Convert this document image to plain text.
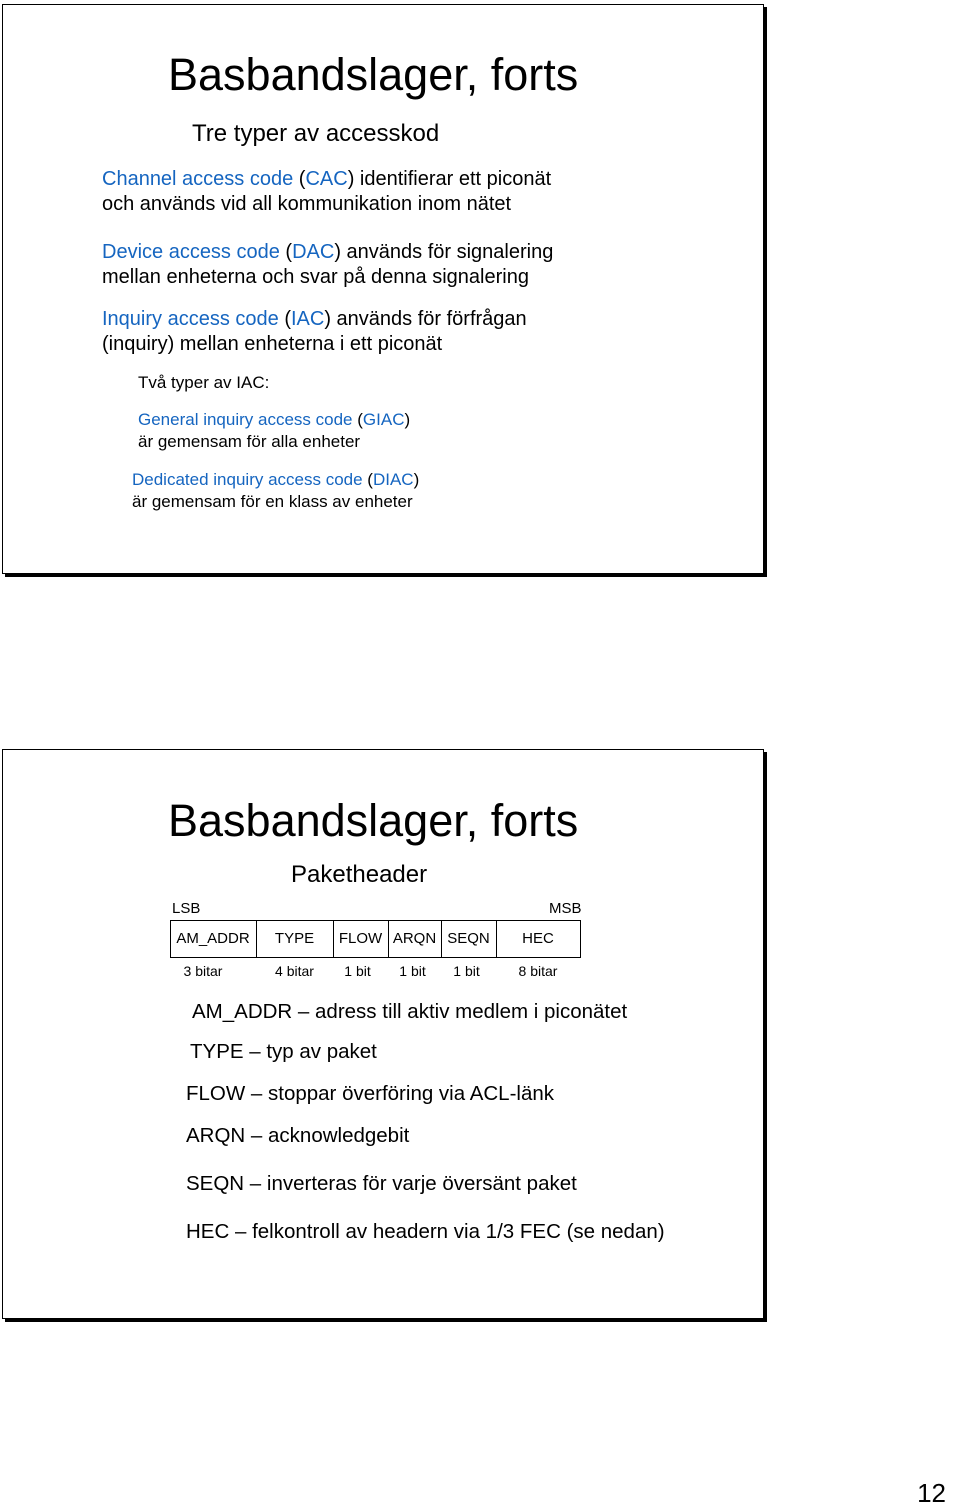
Basbandslager, forts
Tre typer av accesskod
Channel access code (CAC) identifierar ett piconät
och används vid all kommunikation inom nätet
Device access code (DAC) används för signalering
mellan enheterna och svar på denna signalering
Inquiry access code (IAC) används för förfrågan
(inquiry) mellan enheterna i ett piconät
Två typer av IAC:
General inquiry access code (GIAC)
är gemensam för alla enheter
Dedicated inquiry access code (DIAC)
är gemensam för en klass av enheter
Basbandslager, forts
Paketheader
LSB	MSB
AM_ADDR	TYPE	FLOW ARQN SEQN	HEC
3 bitar	4 bitar	1 bit	1 bit	1 bit	8 bitar
AM_ADDR – adress till aktiv medlem i piconätet
TYPE – typ av paket
FLOW – stoppar överföring via ACL-länk
ARQN – acknowledgebit
SEQN – inverteras för varje översänt paket
HEC – felkontroll av headern via 1/3 FEC (se nedan)
12
